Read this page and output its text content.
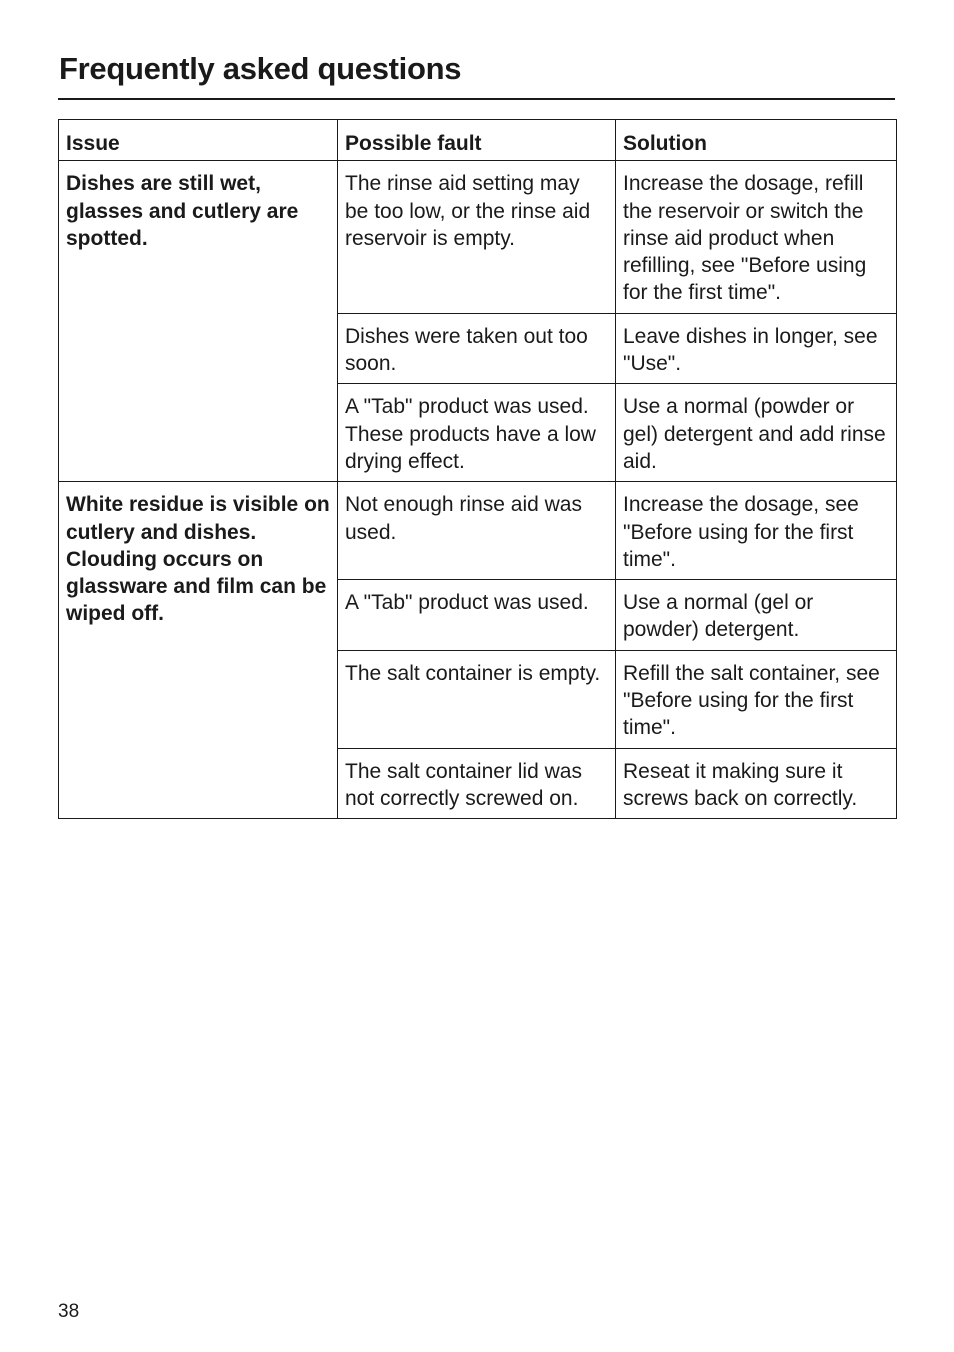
Frequently asked questions
Issue	Possible fault	Solution
Dishes are still wet, glasses and cutlery are spotted.	The rinse aid setting may be too low, or the rinse aid reservoir is empty.	Increase the dosage, refill the reservoir or switch the rinse aid product when refilling, see "Before using for the first time".
	Dishes were taken out too soon.	Leave dishes in longer, see "Use".
	A "Tab" product was used. These products have a low drying effect.	Use a normal (powder or gel) detergent and add rinse aid.
White residue is visible on cutlery and dishes. Clouding occurs on glassware and film can be wiped off.	Not enough rinse aid was used.	Increase the dosage, see "Before using for the first time".
	A "Tab" product was used.	Use a normal (gel or powder) detergent.
	The salt container is empty.	Refill the salt container, see "Before using for the first time".
	The salt container lid was not correctly screwed on.	Reseat it making sure it screws back on correctly.
38
